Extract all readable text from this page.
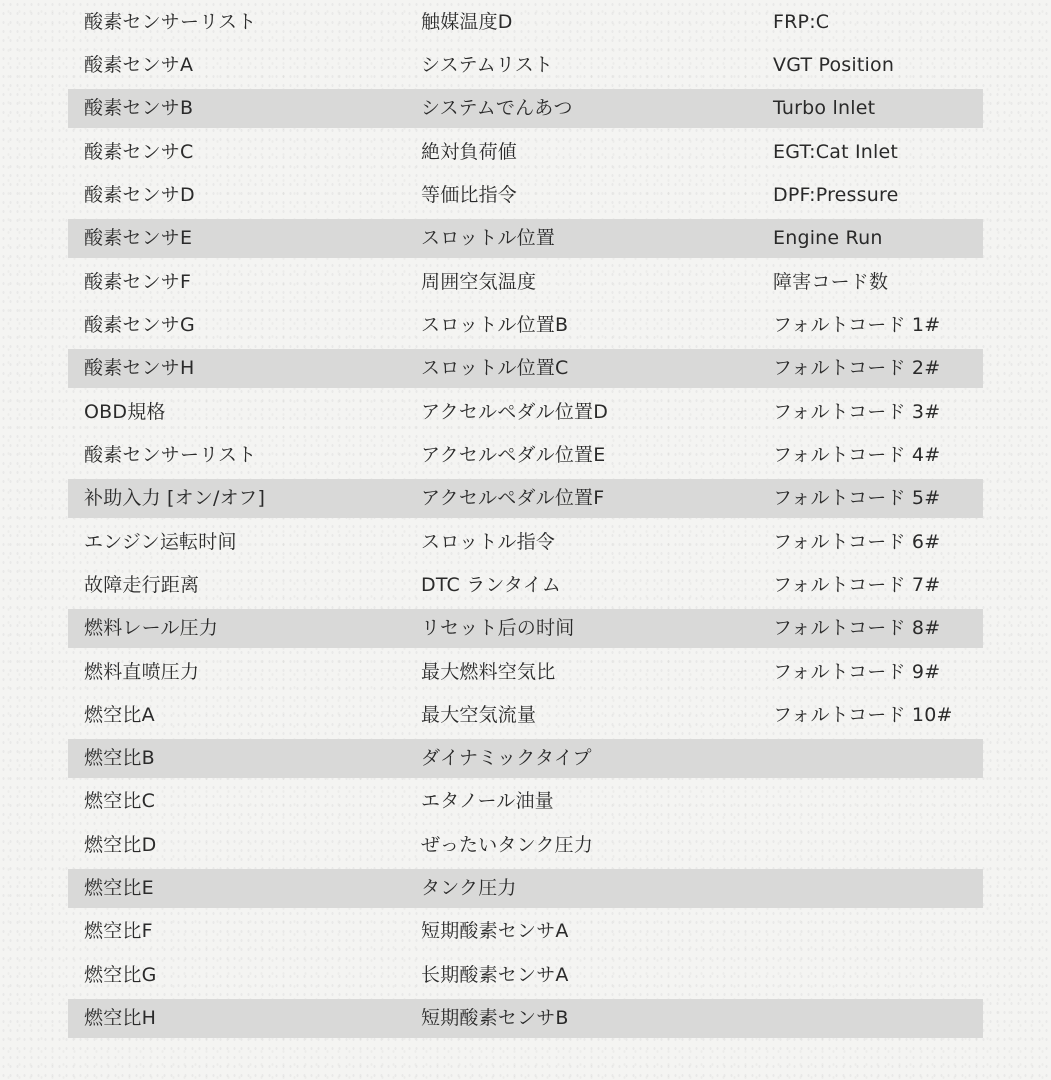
酸素センサーリスト	触媒温度D	FRP:C
酸素センサA	システムリスト	VGT Position
酸素センサB	システムでんあつ	Turbo lnlet
酸素センサC	絶対負荷値	EGT:Cat Inlet
酸素センサD	等価比指令	DPF:Pressure
酸素センサE	スロットル位置	Engine Run
酸素センサF	周囲空気温度	障害コード数
酸素センサG	スロットル位置B	フォルトコード 1#
酸素センサH	スロットル位置C	フォルトコード 2#
OBD規格	アクセルペダル位置D	フォルトコード 3#
酸素センサーリスト	アクセルペダル位置E	フォルトコード 4#
补助入力 [オン/オフ]	アクセルペダル位置F	フォルトコード 5#
エンジン运転时间	スロットル指令	フォルトコード 6#
故障走行距离	DTC ランタイム	フォルトコード 7#
燃料レール圧力	リセット后の时间	フォルトコード 8#
燃料直喷圧力	最大燃料空気比	フォルトコード 9#
燃空比A	最大空気流量	フォルトコード 10#
燃空比B	ダイナミックタイプ
燃空比C	エタノール油量
燃空比D	ぜったいタンク圧力
燃空比E	タンク圧力
燃空比F	短期酸素センサA
燃空比G	长期酸素センサA
燃空比H	短期酸素センサB
